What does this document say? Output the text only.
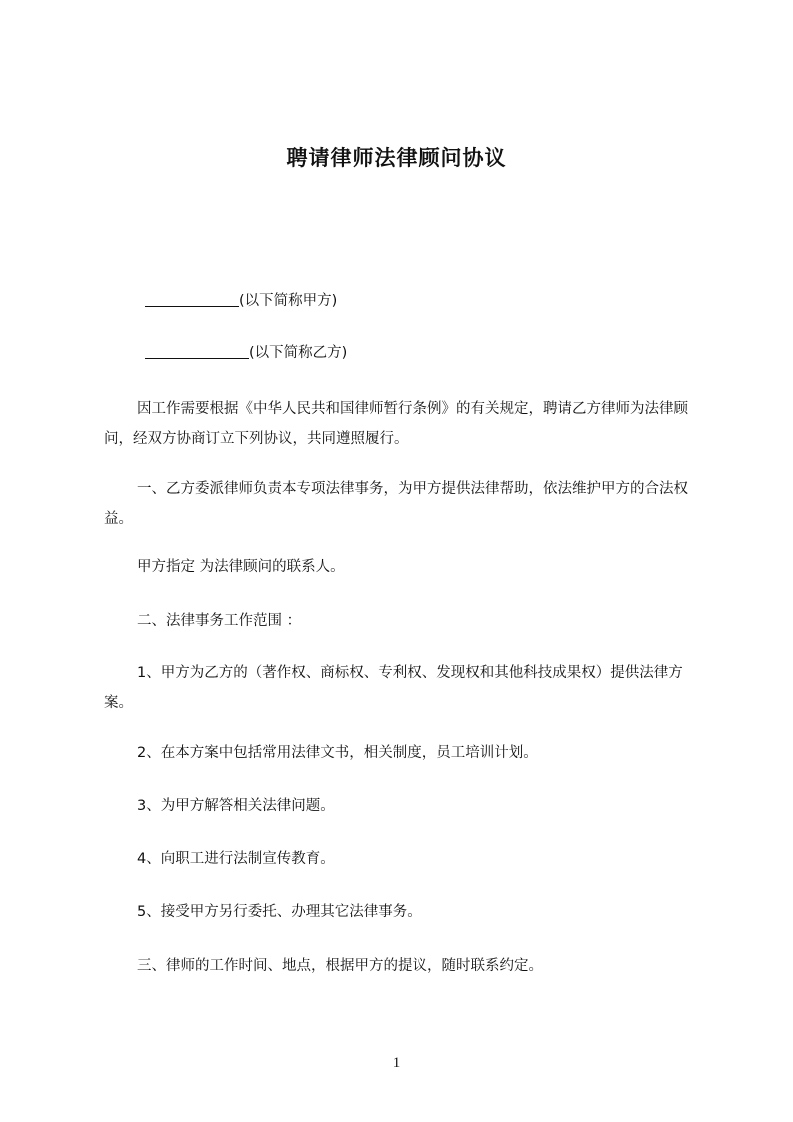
聘请律师法律顾问协议
(以下简称甲方)
(以下简称乙方)
因工作需要根据《中华人民共和国律师暂行条例》的有关规定，聘请乙方律师为法律顾问，经双方协商订立下列协议，共同遵照履行。
一、乙方委派律师负责本专项法律事务，为甲方提供法律帮助，依法维护甲方的合法权益。
甲方指定 为法律顾问的联系人。
二、法律事务工作范围 ：
1、甲方为乙方的（著作权、商标权、专利权、发现权和其他科技成果权）提供法律方案。
2、在本方案中包括常用法律文书，相关制度，员工培训计划。
3、为甲方解答相关法律问题。
4、向职工进行法制宣传教育。
5、接受甲方另行委托、办理其它法律事务。
三、律师的工作时间、地点，根据甲方的提议，随时联系约定。
1
